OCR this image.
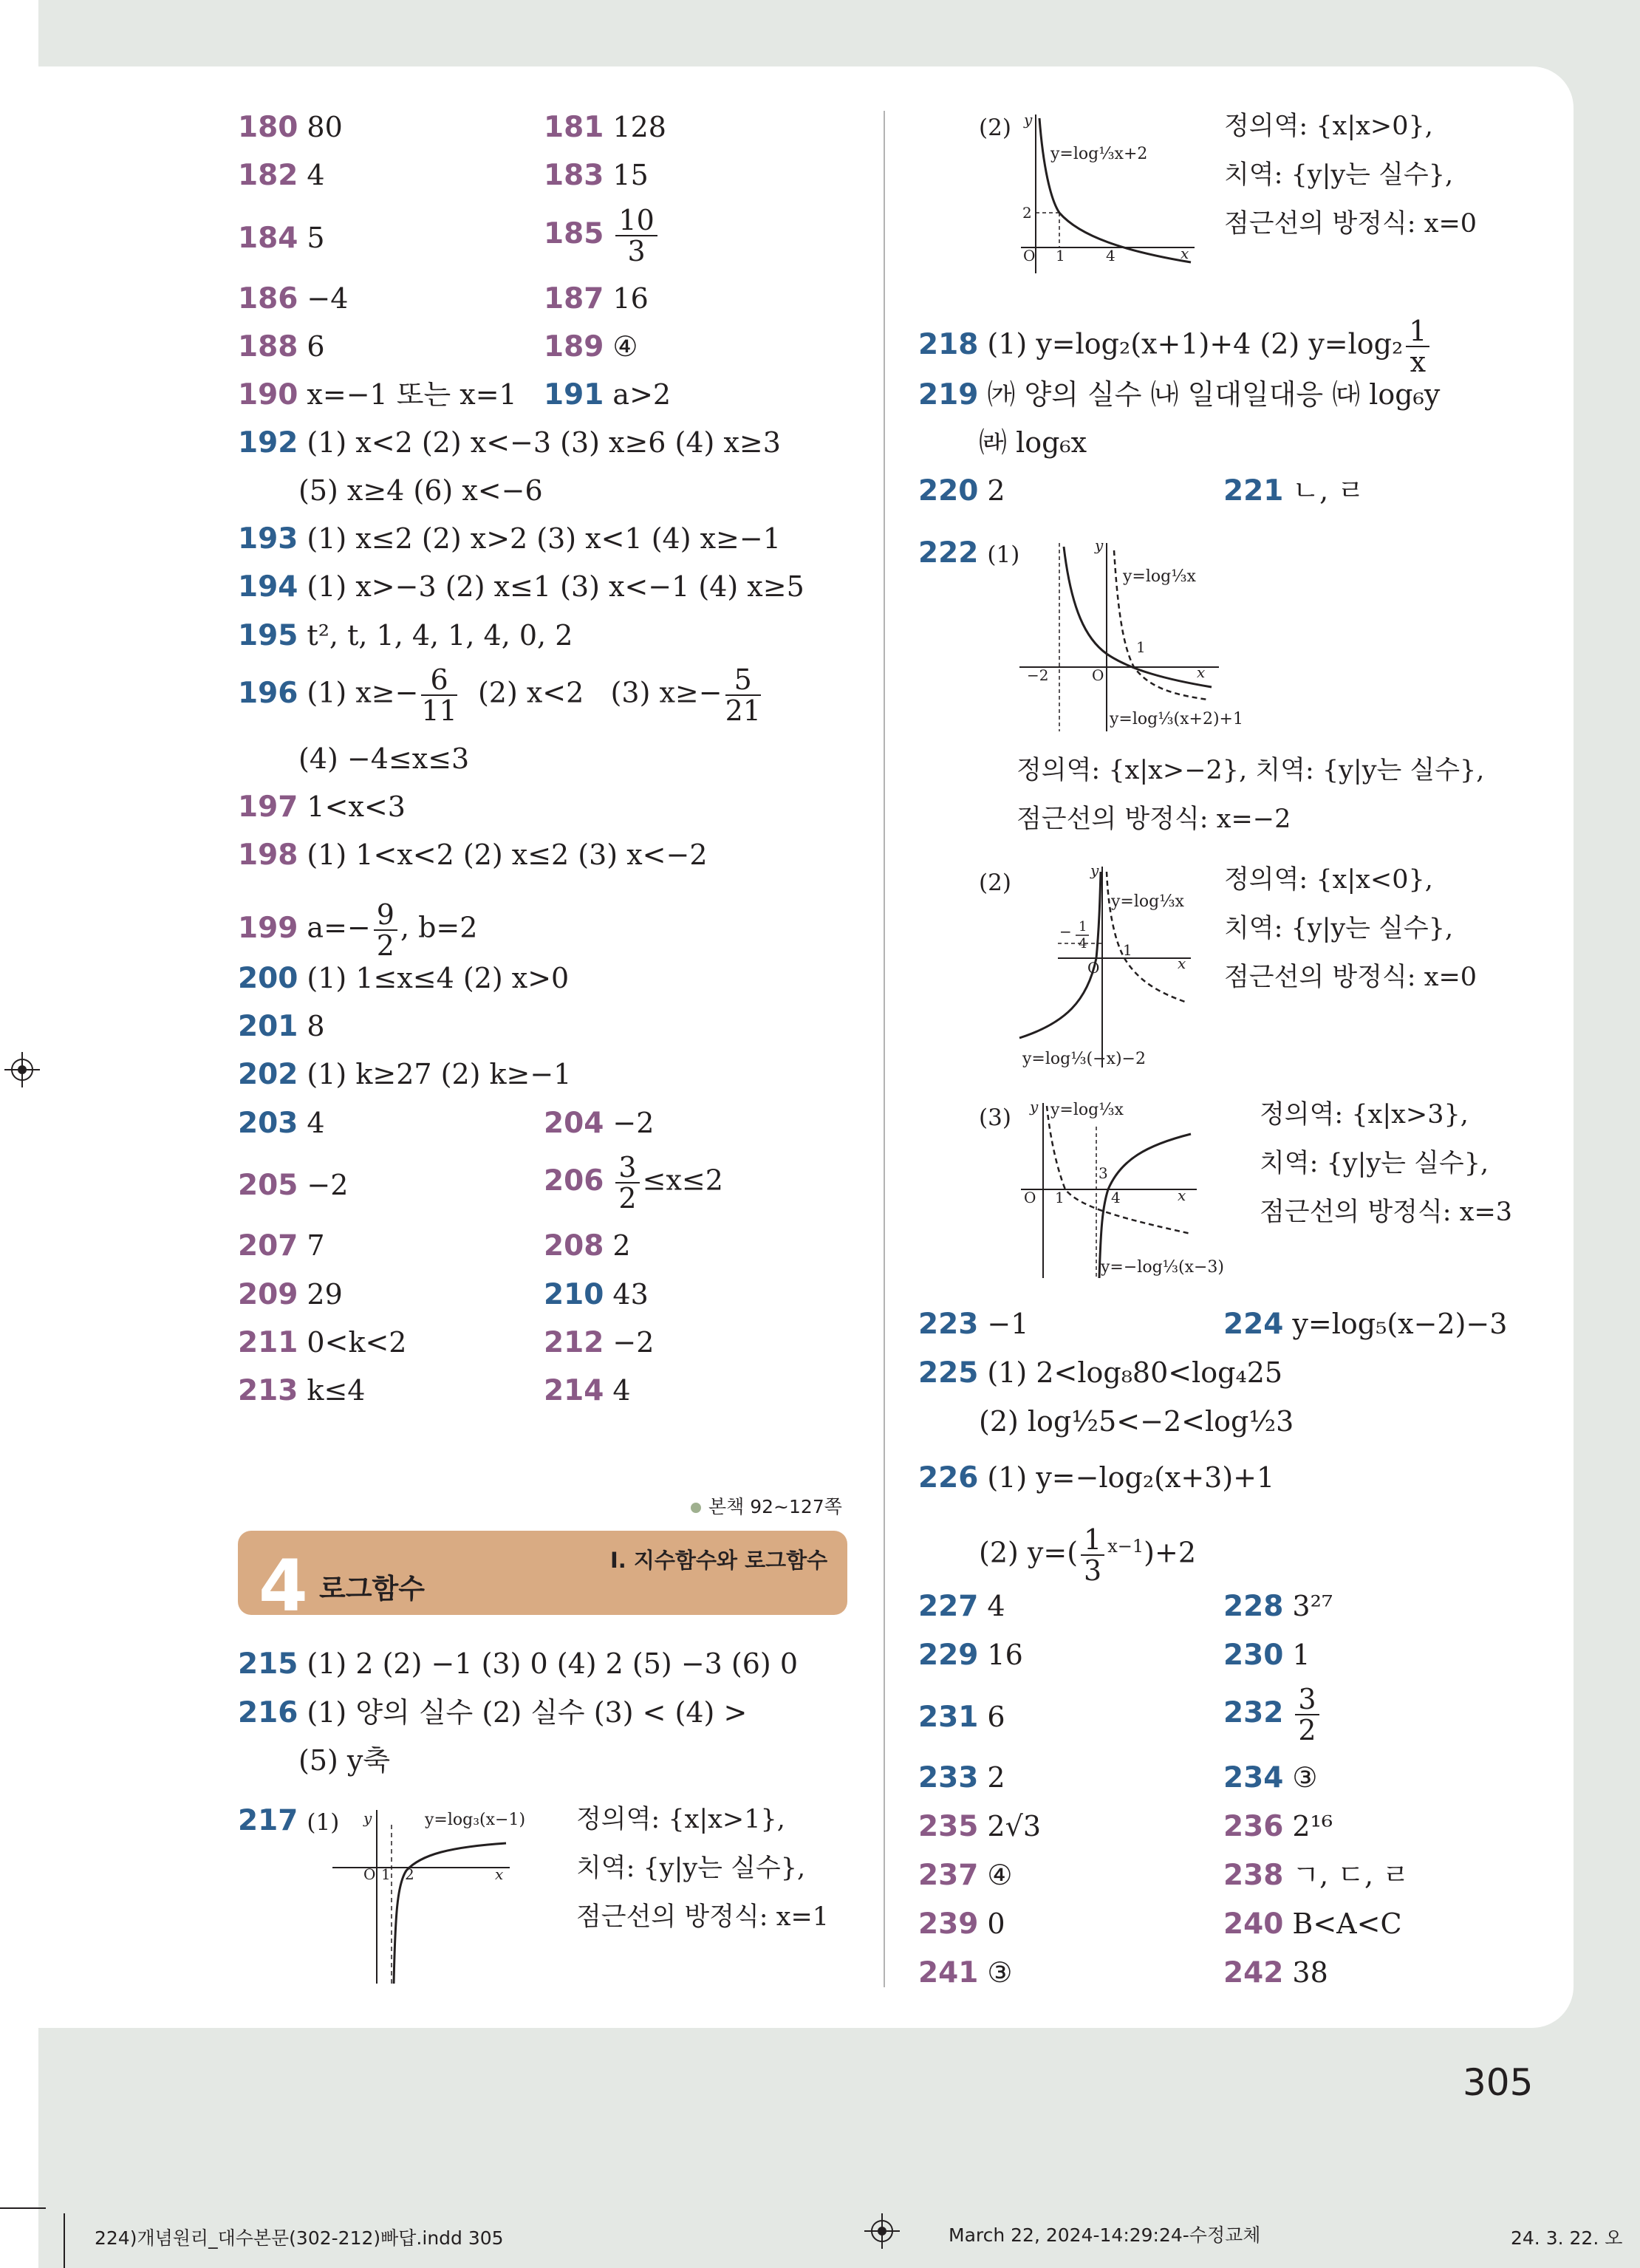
180 80	181 128
182 4	183 15
184 5	$185 \frac{10}{3}$
186 −4	187 16
188 6	189 ④
190 x=−1 또는 x=1 191 a>2
192 (1) x<2 (2) x<−3 (3) x≥6 (4) x≥3
(5) x≥4 (6) x<−6
193 (1) x≤2 (2) x>2 (3) x<1 (4) x≥−1
194 (1) x>−3 (2) x≤1 (3) x<−1 (4) x≥5
195 t², t, 1, 4, 1, 4, 0, 2
196 (1) $x\ge- \frac{6}{11} (2)$ x<2   (3) $x\ge- \frac{5}{21}$
(4) −4≤x≤3
197 1<x<3
198 (1) 1<x<2 (2) x≤2 (3) x<−2
199 $a=- \frac{9}{2}$ , b=2
200 (1) 1≤x≤4 (2) x>0
201 8
202 (1) k≥27 (2) k≥−1
203 4	204 −2
205 −2	$206 \frac{3}{2} \le x\le 2$
207 7	208 2
209 29	210 43
211 0<k<2	212 −2
213 k≤4	214 4
본책 92~127쪽
4 로그함수
I. 지수함수와 로그함수
215 (1) 2 (2) −1 (3) 0 (4) 2 (5) −3 (6) 0
216 (1) 양의 실수 (2) 실수 (3) < (4) >
(5) y축
217 (1)
O 1 2	x
y	y=log₃(x−1) 정의역: {x|x>1},
치역: {y|y는 실수},
점근선의 방정식: x=1
(2)
O 1	4
2
x
y
y=log⅓x+2
정의역: {x|x>0},
치역: {y|y는 실수},
점근선의 방정식: x=0
218 (1) y=log₂(x+1)+4 (2) $y=\log_2 \frac{1}{x}$
219 ㈎ 양의 실수 ㈏ 일대일대응 ㈐ log₆y
㈑ log₆x
220 2	221 ㄴ, ㄹ
222 (1)
−2	O
1
x
y
y=log⅓x
y=log⅓(x+2)+1
정의역: {x|x>−2}, 치역: {y|y는 실수},
점근선의 방정식: x=−2
(2)
O
1
− 1
4
x
y
y=log⅓x
y=log⅓(−x)−2
정의역: {x|x<0},
치역: {y|y는 실수},
점근선의 방정식: x=0
(3)
O 1
3
4	x
y y=log⅓x
y=−log⅓(x−3)
정의역: {x|x>3},
치역: {y|y는 실수},
점근선의 방정식: x=3
223 −1	224 y=log₅(x−2)−3
225 (1) 2<log₈80<log₄25
(2) log½5<−2<log½3
226 (1) y=−log₂(x+3)+1
(2) $y=( \frac{1}{3} ^{x-1})+2$
227 4	228 3²⁷
229 16	230 1
231 6	$232 \frac{3}{2}$
233 2	234 ③
235 2√3	236 2¹⁶
237 ④	238 ㄱ, ㄷ, ㄹ
239 0	240 B<A<C
241 ③	242 38
305
224)개념원리_대수본문(302-212)빠답.indd 305	March 22, 2024-14:29:24-수정교체	24. 3. 22. 오
